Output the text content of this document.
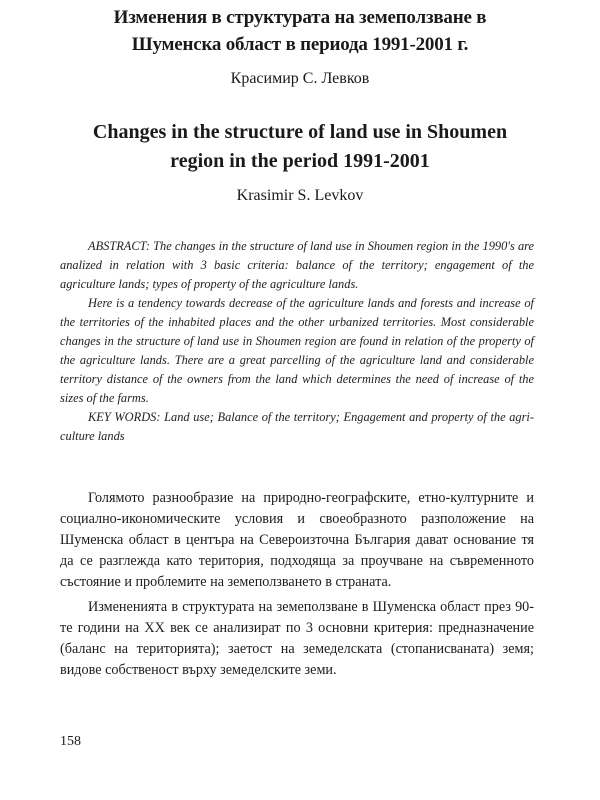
Изменения в структурата на земеползване в Шуменска област в периода 1991-2001 г.

Красимир С. Левков

Changes in the structure of land use in Shoumen region in the period 1991-2001

Krasimir S. Levkov

ABSTRACT: The changes in the structure of land use in Shoumen region in the 1990's are analized in relation with 3 basic criteria: balance of the territory; engagement of the agriculture lands; types of property of the agriculture lands.

Here is a tendency towards decrease of the agriculture lands and forests and increase of the territories of the inhabited places and the other urbanized territories. Most considerable changes in the structure of land use in Shoumen region are found in relation of the property of the agriculture lands. There are a great parcelling of the agriculture land and considerable territory distance of the owners from the land which determines the need of increase of the sizes of the farms.

KEY WORDS: Land use; Balance of the territory; Engagement and property of the agri-culture lands

Голямото разнообразие на природно-географските, етно-културните и социално-икономическите условия и своеобразното разположение на Шуменска област в центъра на Североизточна България дават основание тя да се разглежда като територия, подходяща за проучване на съвременното състояние и проблемите на земеползването в страната.

Измененията в структурата на земеползване в Шуменска област през 90-те години на XX век се анализират по 3 основни критерия: предназначение (баланс на територията); заетост на земеделската (стопанисваната) земя; видове собственост върху земеделските земи.

158
